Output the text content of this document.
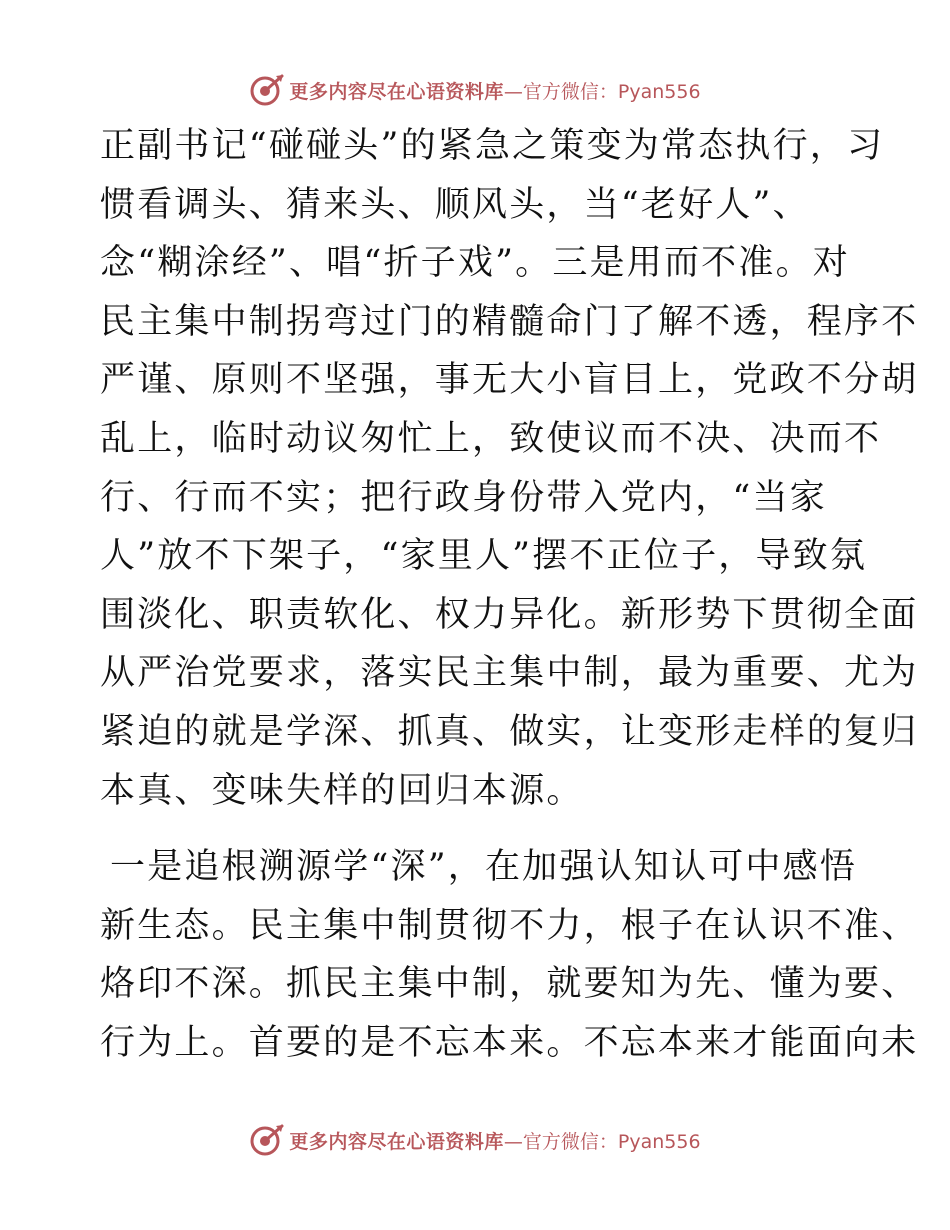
更多内容尽在心语资料库 —官方微信：Pyan556
正副书记“碰碰头”的紧急之策变为常态执行，习
惯看调头、猜来头、顺风头，当“老好人”、
念“糊涂经”、唱“折子戏”。三是用而不准。对
民主集中制拐弯过门的精髓命门了解不透，程序不
严谨、原则不坚强，事无大小盲目上，党政不分胡
乱上，临时动议匆忙上，致使议而不决、决而不
行、行而不实；把行政身份带入党内，“当家
人”放不下架子，“家里人”摆不正位子，导致氛
围淡化、职责软化、权力异化。新形势下贯彻全面
从严治党要求，落实民主集中制，最为重要、尤为
紧迫的就是学深、抓真、做实，让变形走样的复归
本真、变味失样的回归本源。
一是追根溯源学“深”，在加强认知认可中感悟
新生态。民主集中制贯彻不力，根子在认识不准、
烙印不深。抓民主集中制，就要知为先、懂为要、
行为上。首要的是不忘本来。不忘本来才能面向未
更多内容尽在心语资料库 —官方微信：Pyan556
